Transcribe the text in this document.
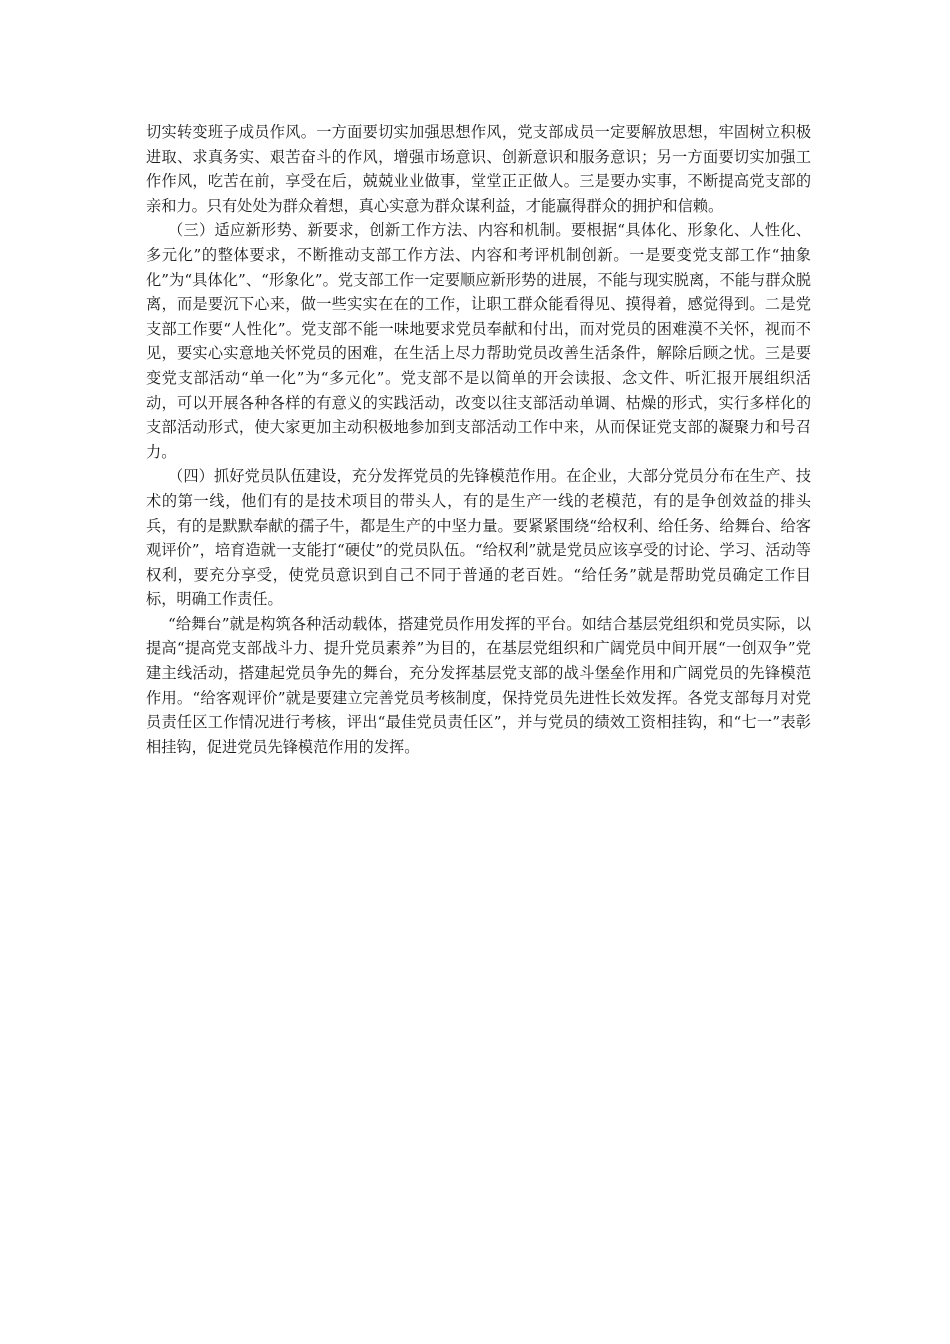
切实转变班子成员作风。一方面要切实加强思想作风，党支部成员一定要解放思想，牢固树立积极进取、求真务实、艰苦奋斗的作风，增强市场意识、创新意识和服务意识；另一方面要切实加强工作作风，吃苦在前，享受在后，兢兢业业做事，堂堂正正做人。三是要办实事，不断提高党支部的亲和力。只有处处为群众着想，真心实意为群众谋利益，才能赢得群众的拥护和信赖。

（三）适应新形势、新要求，创新工作方法、内容和机制。要根据“具体化、形象化、人性化、多元化”的整体要求，不断推动支部工作方法、内容和考评机制创新。一是要变党支部工作“抽象化”为“具体化”、“形象化”。党支部工作一定要顺应新形势的进展，不能与现实脱离，不能与群众脱离，而是要沉下心来，做一些实实在在的工作，让职工群众能看得见、摸得着，感觉得到。二是党支部工作要“人性化”。党支部不能一味地要求党员奉献和付出，而对党员的困难漠不关怀，视而不见，要实心实意地关怀党员的困难，在生活上尽力帮助党员改善生活条件，解除后顾之忧。三是要变党支部活动“单一化”为“多元化”。党支部不是以简单的开会读报、念文件、听汇报开展组织活动，可以开展各种各样的有意义的实践活动，改变以往支部活动单调、枯燥的形式，实行多样化的支部活动形式，使大家更加主动积极地参加到支部活动工作中来，从而保证党支部的凝聚力和号召力。

（四）抓好党员队伍建设，充分发挥党员的先锋模范作用。在企业，大部分党员分布在生产、技术的第一线，他们有的是技术项目的带头人，有的是生产一线的老模范，有的是争创效益的排头兵，有的是默默奉献的孺子牛，都是生产的中坚力量。要紧紧围绕“给权利、给任务、给舞台、给客观评价”，培育造就一支能打“硬仗”的党员队伍。“给权利”就是党员应该享受的讨论、学习、活动等权利，要充分享受，使党员意识到自己不同于普通的老百姓。“给任务”就是帮助党员确定工作目标，明确工作责任。

“给舞台”就是构筑各种活动载体，搭建党员作用发挥的平台。如结合基层党组织和党员实际，以提高“提高党支部战斗力、提升党员素养”为目的，在基层党组织和广阔党员中间开展“一创双争”党建主线活动，搭建起党员争先的舞台，充分发挥基层党支部的战斗堡垒作用和广阔党员的先锋模范作用。“给客观评价”就是要建立完善党员考核制度，保持党员先进性长效发挥。各党支部每月对党员责任区工作情况进行考核，评出“最佳党员责任区”，并与党员的绩效工资相挂钩，和“七一”表彰相挂钩，促进党员先锋模范作用的发挥。
